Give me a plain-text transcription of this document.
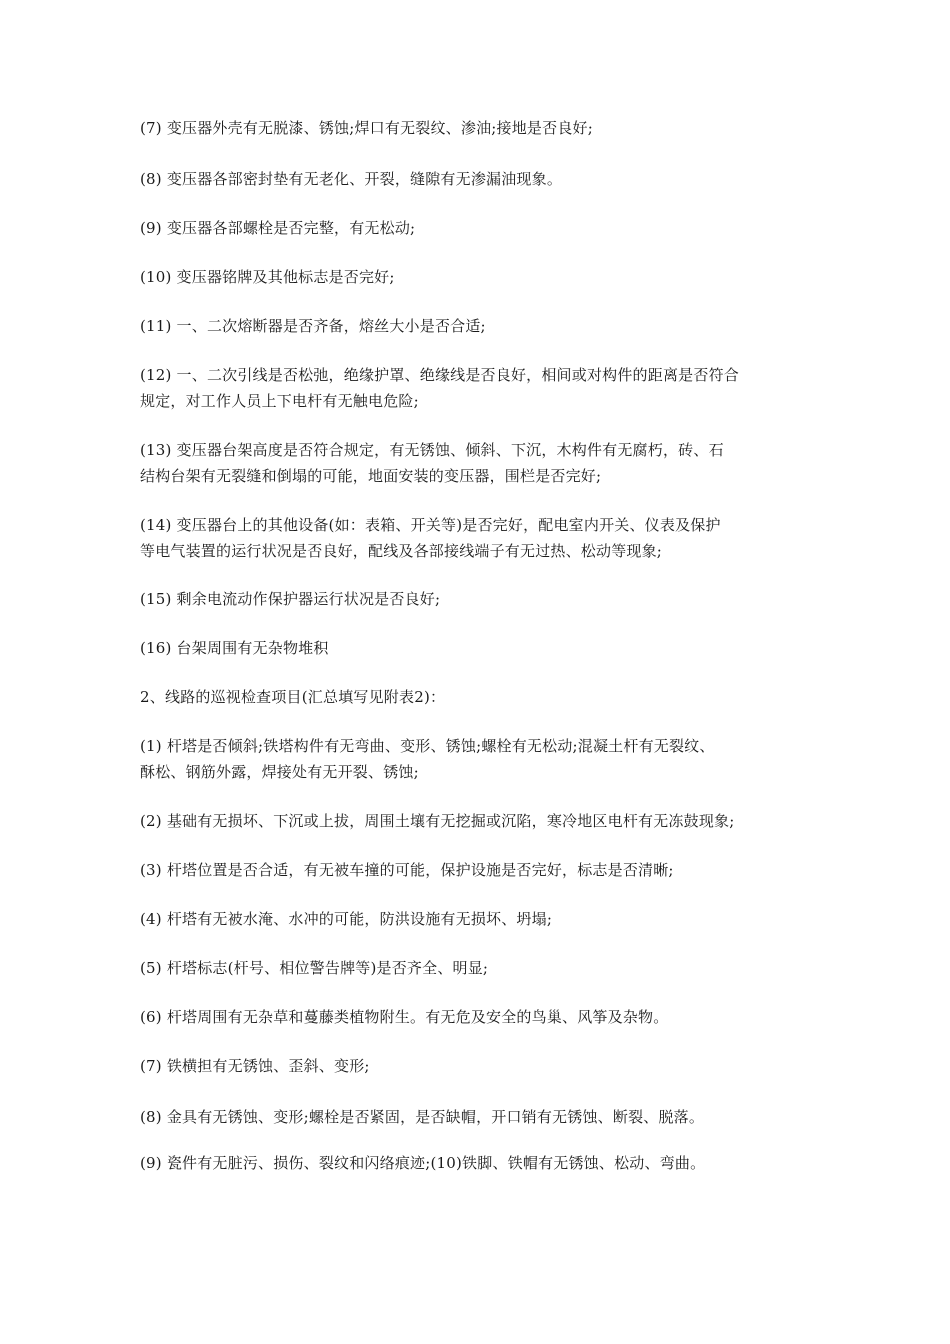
(7) 变压器外壳有无脱漆、锈蚀;焊口有无裂纹、渗油;接地是否良好;
(8) 变压器各部密封垫有无老化、开裂，缝隙有无渗漏油现象。
(9) 变压器各部螺栓是否完整，有无松动;
(10) 变压器铭牌及其他标志是否完好;
(11) 一、二次熔断器是否齐备，熔丝大小是否合适;
(12) 一、二次引线是否松弛，绝缘护罩、绝缘线是否良好，相间或对构件的距离是否符合
规定，对工作人员上下电杆有无触电危险;
(13) 变压器台架高度是否符合规定，有无锈蚀、倾斜、下沉，木构件有无腐朽，砖、石
结构台架有无裂缝和倒塌的可能，地面安装的变压器，围栏是否完好;
(14) 变压器台上的其他设备(如：表箱、开关等)是否完好，配电室内开关、仪表及保护
等电气装置的运行状况是否良好，配线及各部接线端子有无过热、松动等现象;
(15) 剩余电流动作保护器运行状况是否良好;
(16) 台架周围有无杂物堆积
2、线路的巡视检查项目(汇总填写见附表2)：
(1) 杆塔是否倾斜;铁塔构件有无弯曲、变形、锈蚀;螺栓有无松动;混凝土杆有无裂纹、
酥松、钢筋外露，焊接处有无开裂、锈蚀;
(2) 基础有无损坏、下沉或上拔，周围土壤有无挖掘或沉陷，寒冷地区电杆有无冻鼓现象;
(3) 杆塔位置是否合适，有无被车撞的可能，保护设施是否完好，标志是否清晰;
(4) 杆塔有无被水淹、水冲的可能，防洪设施有无损坏、坍塌;
(5) 杆塔标志(杆号、相位警告牌等)是否齐全、明显;
(6) 杆塔周围有无杂草和蔓藤类植物附生。有无危及安全的鸟巢、风筝及杂物。
(7) 铁横担有无锈蚀、歪斜、变形;
(8) 金具有无锈蚀、变形;螺栓是否紧固，是否缺帽，开口销有无锈蚀、断裂、脱落。
(9) 瓷件有无脏污、损伤、裂纹和闪络痕迹;(10)铁脚、铁帽有无锈蚀、松动、弯曲。
